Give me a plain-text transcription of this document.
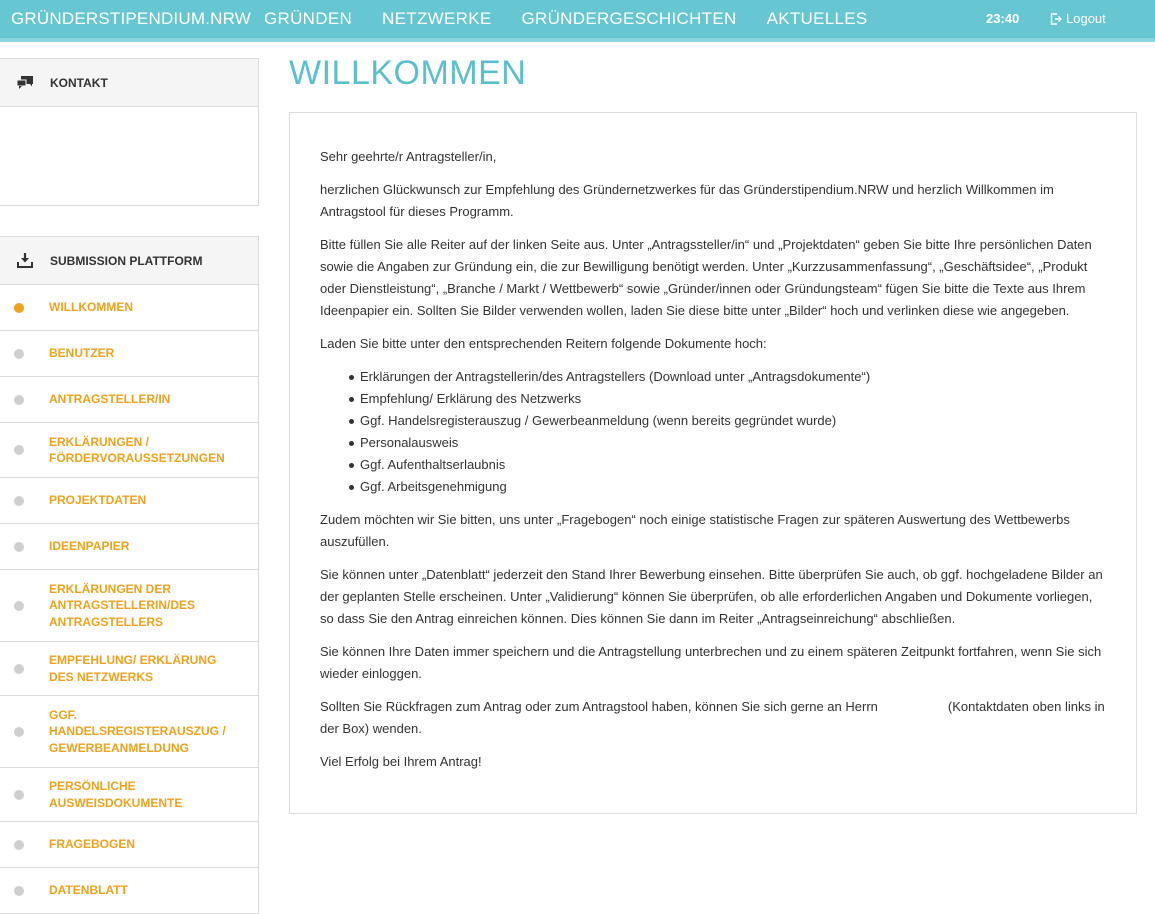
GRÜNDERSTIPENDIUM.NRW GRÜNDEN NETZWERKE GRÜNDERGESCHICHTEN AKTUELLES	23:40	Logout
KONTAKT
SUBMISSION PLATTFORM
WILLKOMMEN
BENUTZER
ANTRAGSTELLER/IN
ERKLÄRUNGEN / FÖRDERVORAUSSETZUNGEN
PROJEKTDATEN
IDEENPAPIER
ERKLÄRUNGEN DER ANTRAGSTELLERIN/DES ANTRAGSTELLERS
EMPFEHLUNG/ ERKLÄRUNG DES NETZWERKS
GGF. HANDELSREGISTERAUSZUG / GEWERBEANMELDUNG
PERSÖNLICHE AUSWEISDOKUMENTE
FRAGEBOGEN
DATENBLATT
WILLKOMMEN

Sehr geehrte/r Antragsteller/in,

herzlichen Glückwunsch zur Empfehlung des Gründernetzwerkes für das Gründerstipendium.NRW und herzlich Willkommen im Antragstool für dieses Programm.

Bitte füllen Sie alle Reiter auf der linken Seite aus. Unter „Antragssteller/in“ und „Projektdaten“ geben Sie bitte Ihre persönlichen Daten sowie die Angaben zur Gründung ein, die zur Bewilligung benötigt werden. Unter „Kurzzusammenfassung“, „Geschäftsidee“, „Produkt oder Dienstleistung“, „Branche / Markt / Wettbewerb“ sowie „Gründer/innen oder Gründungsteam“ fügen Sie bitte die Texte aus Ihrem Ideenpapier ein. Sollten Sie Bilder verwenden wollen, laden Sie diese bitte unter „Bilder“ hoch und verlinken diese wie angegeben.

Laden Sie bitte unter den entsprechenden Reitern folgende Dokumente hoch:

Erklärungen der Antragstellerin/des Antragstellers (Download unter „Antragsdokumente“)
Empfehlung/ Erklärung des Netzwerks
Ggf. Handelsregisterauszug / Gewerbeanmeldung (wenn bereits gegründet wurde)
Personalausweis
Ggf. Aufenthaltserlaubnis
Ggf. Arbeitsgenehmigung

Zudem möchten wir Sie bitten, uns unter „Fragebogen“ noch einige statistische Fragen zur späteren Auswertung des Wettbewerbs auszufüllen.

Sie können unter „Datenblatt“ jederzeit den Stand Ihrer Bewerbung einsehen. Bitte überprüfen Sie auch, ob ggf. hochgeladene Bilder an der geplanten Stelle erscheinen. Unter „Validierung“ können Sie überprüfen, ob alle erforderlichen Angaben und Dokumente vorliegen, so dass Sie den Antrag einreichen können. Dies können Sie dann im Reiter „Antragseinreichung“ abschließen.

Sie können Ihre Daten immer speichern und die Antragstellung unterbrechen und zu einem späteren Zeitpunkt fortfahren, wenn Sie sich wieder einloggen.

Sollten Sie Rückfragen zum Antrag oder zum Antragstool haben, können Sie sich gerne an Herrn	(Kontaktdaten oben links in der Box) wenden.

Viel Erfolg bei Ihrem Antrag!
